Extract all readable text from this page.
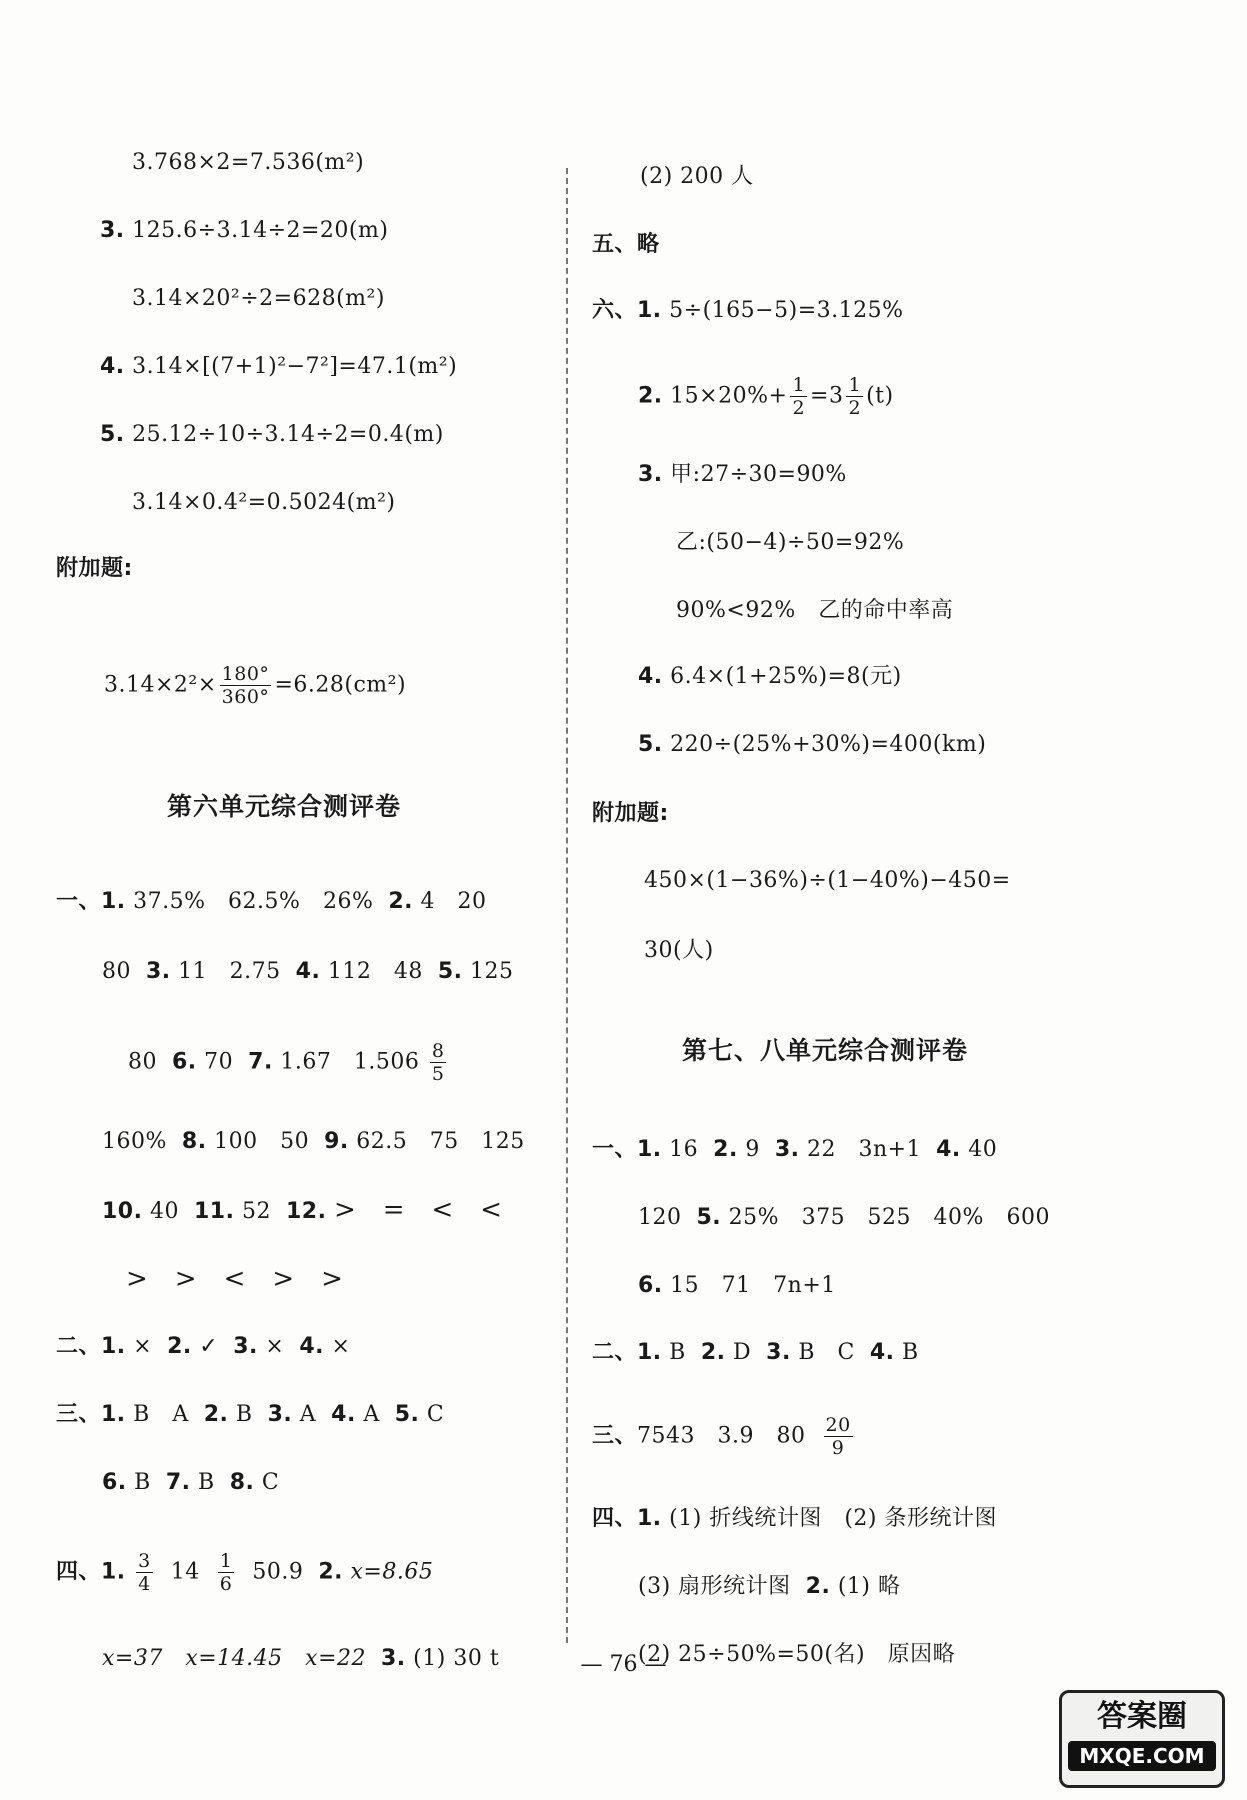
3.768×2=7.536(m²)
3. 125.6÷3.14÷2=20(m)
3.14×20²÷2=628(m²)
4. 3.14×[(7+1)²−7²]=47.1(m²)
5. 25.12÷10÷3.14÷2=0.4(m)
3.14×0.4²=0.5024(m²)
附加题:
$3.14\times 2^2\times \frac{180^\circ}{360^\circ} =6.28(cm^2)$
第六单元综合测评卷
一、1. 37.5%　62.5%　26% 2. 4　20
80 3. 11　2.75 4. 112　48 5. 125
80 6. 70 7. 1.67　$1.506 \frac{8}{5}$
160% 8. 100　50 9. 62.5　75　125
10. 40 11. 52 12. >　=　<　<
>　>　<　>　>
二、1. × 2. ✓ 3. × 4. ×
三、1. B　A 2. B 3. A 4. A 5. C
6. B 7. B 8. C
四、1. $\frac{3}{4} 14 \frac{1}{6} 50.9$ 2. x=8.65
x=37　x=14.45　x=22 3. (1) 30 t
(2) 200 人
五、略
六、1. 5÷(165−5)=3.125%
2. $15\times 20\%+ \frac{1}{2} =3 \frac{1}{2} (t)$
3. 甲:27÷30=90%
乙:(50−4)÷50=92%
90%<92%　乙的命中率高
4. 6.4×(1+25%)=8(元)
5. 220÷(25%+30%)=400(km)
附加题:
450×(1−36%)÷(1−40%)−450=
30(人)
第七、八单元综合测评卷
一、1. 16 2. 9 3. 22　3n+1 4. 40
120 5. 25%　375　525　40%　600
6. 15　71　7n+1
二、1. B 2. D 3. B　C 4. B
三、7543　3.9　$80 \frac{20}{9}$
四、1. (1) 折线统计图　(2) 条形统计图
(3) 扇形统计图 2. (1) 略
(2) 25÷50%=50(名)　原因略
— 76 —
答案圈
MXQE.COM
